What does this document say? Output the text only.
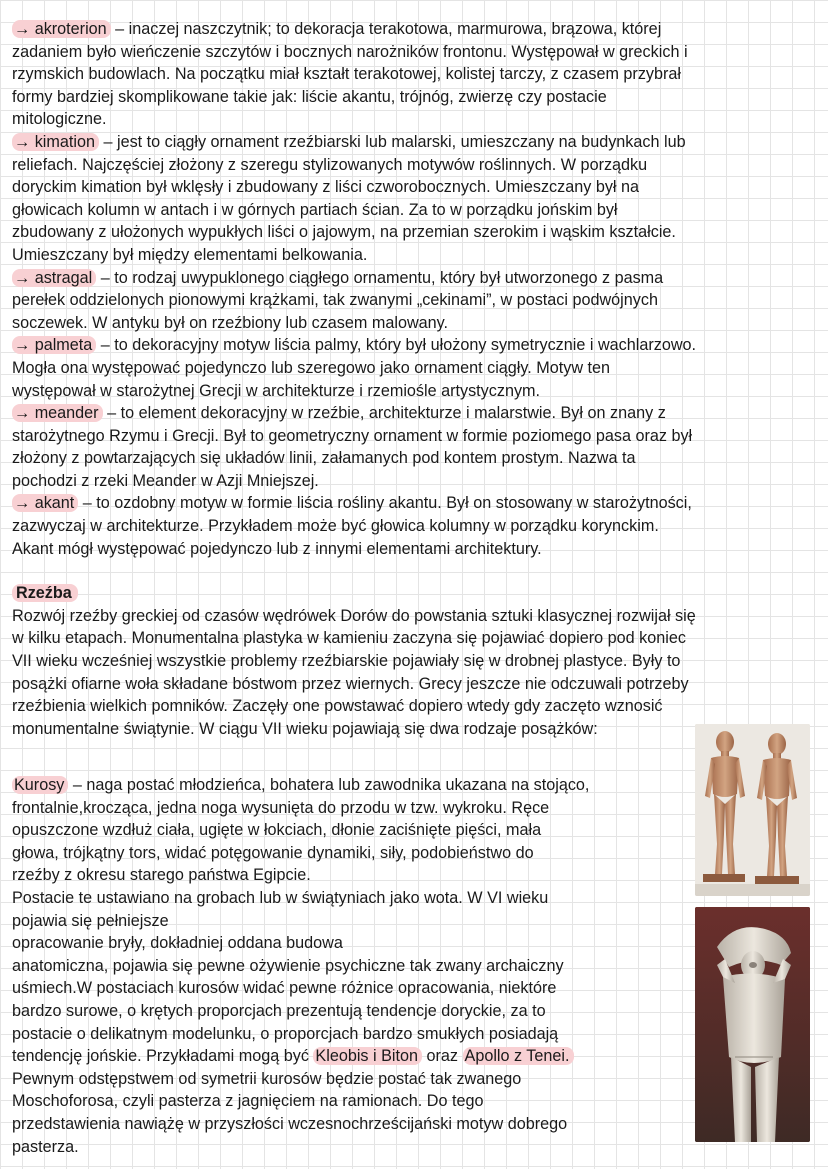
→ akroterion – inaczej naszczytnik; to dekoracja terakotowa, marmurowa, brązowa, której
zadaniem było wieńczenie szczytów i bocznych narożników frontonu. Występował w greckich i
rzymskich budowlach. Na początku miał kształt terakotowej, kolistej tarczy, z czasem przybrał
formy bardziej skomplikowane takie jak: liście akantu, trójnóg, zwierzę czy postacie
mitologiczne.
→ kimation – jest to ciągły ornament rzeźbiarski lub malarski, umieszczany na budynkach lub
reliefach. Najczęściej złożony z szeregu stylizowanych motywów roślinnych. W porządku
doryckim kimation był wklęsły i zbudowany z liści czworobocznych. Umieszczany był na
głowicach kolumn w antach i w górnych partiach ścian. Za to w porządku jońskim był
zbudowany z ułożonych wypukłych liści o jajowym, na przemian szerokim i wąskim kształcie.
Umieszczany był między elementami belkowania.
→ astragal – to rodzaj uwypuklonego ciągłego ornamentu, który był utworzonego z pasma
perełek oddzielonych pionowymi krążkami, tak zwanymi „cekinami”, w postaci podwójnych
soczewek. W antyku był on rzeźbiony lub czasem malowany.
→ palmeta – to dekoracyjny motyw liścia palmy, który był ułożony symetrycznie i wachlarzowo.
Mogła ona występować pojedynczo lub szeregowo jako ornament ciągły. Motyw ten
występował w starożytnej Grecji w architekturze i rzemiośle artystycznym.
→ meander – to element dekoracyjny w rzeźbie, architekturze i malarstwie. Był on znany z
starożytnego Rzymu i Grecji. Był to geometryczny ornament w formie poziomego pasa oraz był
złożony z powtarzających się układów linii, załamanych pod kontem prostym. Nazwa ta
pochodzi z rzeki Meander w Azji Mniejszej.
→ akant – to ozdobny motyw w formie liścia rośliny akantu. Był on stosowany w starożytności,
zazwyczaj w architekturze. Przykładem może być głowica kolumny w porządku korynckim.
Akant mógł występować pojedynczo lub z innymi elementami architektury.
Rzeźba
Rozwój rzeźby greckiej od czasów wędrówek Dorów do powstania sztuki klasycznej rozwijał się
w kilku etapach. Monumentalna plastyka w kamieniu zaczyna się pojawiać dopiero pod koniec
VII wieku wcześniej wszystkie problemy rzeźbiarskie pojawiały się w drobnej plastyce. Były to
posążki ofiarne woła składane bóstwom przez wiernych. Grecy jeszcze nie odczuwali potrzeby
rzeźbienia wielkich pomników. Zaczęły one powstawać dopiero wtedy gdy zaczęto wznosić
monumentalne świątynie. W ciągu VII wieku pojawiają się dwa rodzaje posążków:
Kurosy – naga postać młodzieńca, bohatera lub zawodnika ukazana na stojąco,
frontalnie,krocząca, jedna noga wysunięta do przodu w tzw. wykroku. Ręce
opuszczone wzdłuż ciała, ugięte w łokciach, dłonie zaciśnięte pięści, mała
głowa, trójkątny tors, widać potęgowanie dynamiki, siły, podobieństwo do
rzeźby z okresu starego państwa Egipcie.
Postacie te ustawiano na grobach lub w świątyniach jako wota. W VI wieku
pojawia się pełniejsze
opracowanie bryły, dokładniej oddana budowa
anatomiczna, pojawia się pewne ożywienie psychiczne tak zwany archaiczny
uśmiech.W postaciach kurosów widać pewne różnice opracowania, niektóre
bardzo surowe, o krętych proporcjach prezentują tendencje doryckie, za to
postacie o delikatnym modelunku, o proporcjach bardzo smukłych posiadają
tendencję jońskie. Przykładami mogą być Kleobis i Biton oraz Apollo z Tenei.
Pewnym odstępstwem od symetrii kurosów będzie postać tak zwanego
Moschoforosa, czyli pasterza z jagnięciem na ramionach. Do tego
przedstawienia nawiążę w przyszłości wczesnochrześcijański motyw dobrego
pasterza.
